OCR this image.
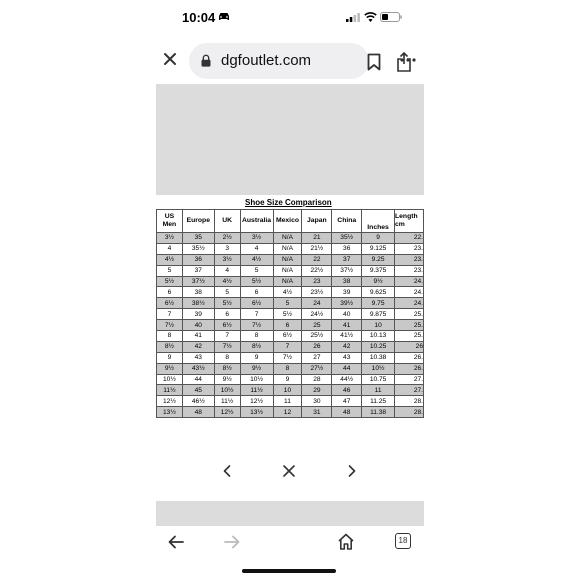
10:04
dgfoutlet.com
Shoe Size Comparison
US Men	Europe	UK	Australia	Mexico	Japan	China	Inches	Length cm
3½	35	2½	3½	N/A	21	35½	9	22.
4	35½	3	4	N/A	21½	36	9.125	23.
4½	36	3½	4½	N/A	22	37	9.25	23.
5	37	4	5	N/A	22½	37½	9.375	23.
5½	37½	4½	5½	N/A	23	38	9½	24.
6	38	5	6	4½	23½	39	9.625	24.
6½	38½	5½	6½	5	24	39½	9.75	24.
7	39	6	7	5½	24½	40	9.875	25.
7½	40	6½	7½	6	25	41	10	25.
8	41	7	8	6½	25½	41½	10.13	25.
8½	42	7½	8½	7	26	42	10.25	26
9	43	8	9	7½	27	43	10.38	26.
9½	43½	8½	9½	8	27½	44	10½	26.
10½	44	9½	10½	9	28	44½	10.75	27.
11½	45	10½	11½	10	29	46	11	27.
12½	46½	11½	12½	11	30	47	11.25	28.
13½	48	12½	13½	12	31	48	11.38	28.
18
